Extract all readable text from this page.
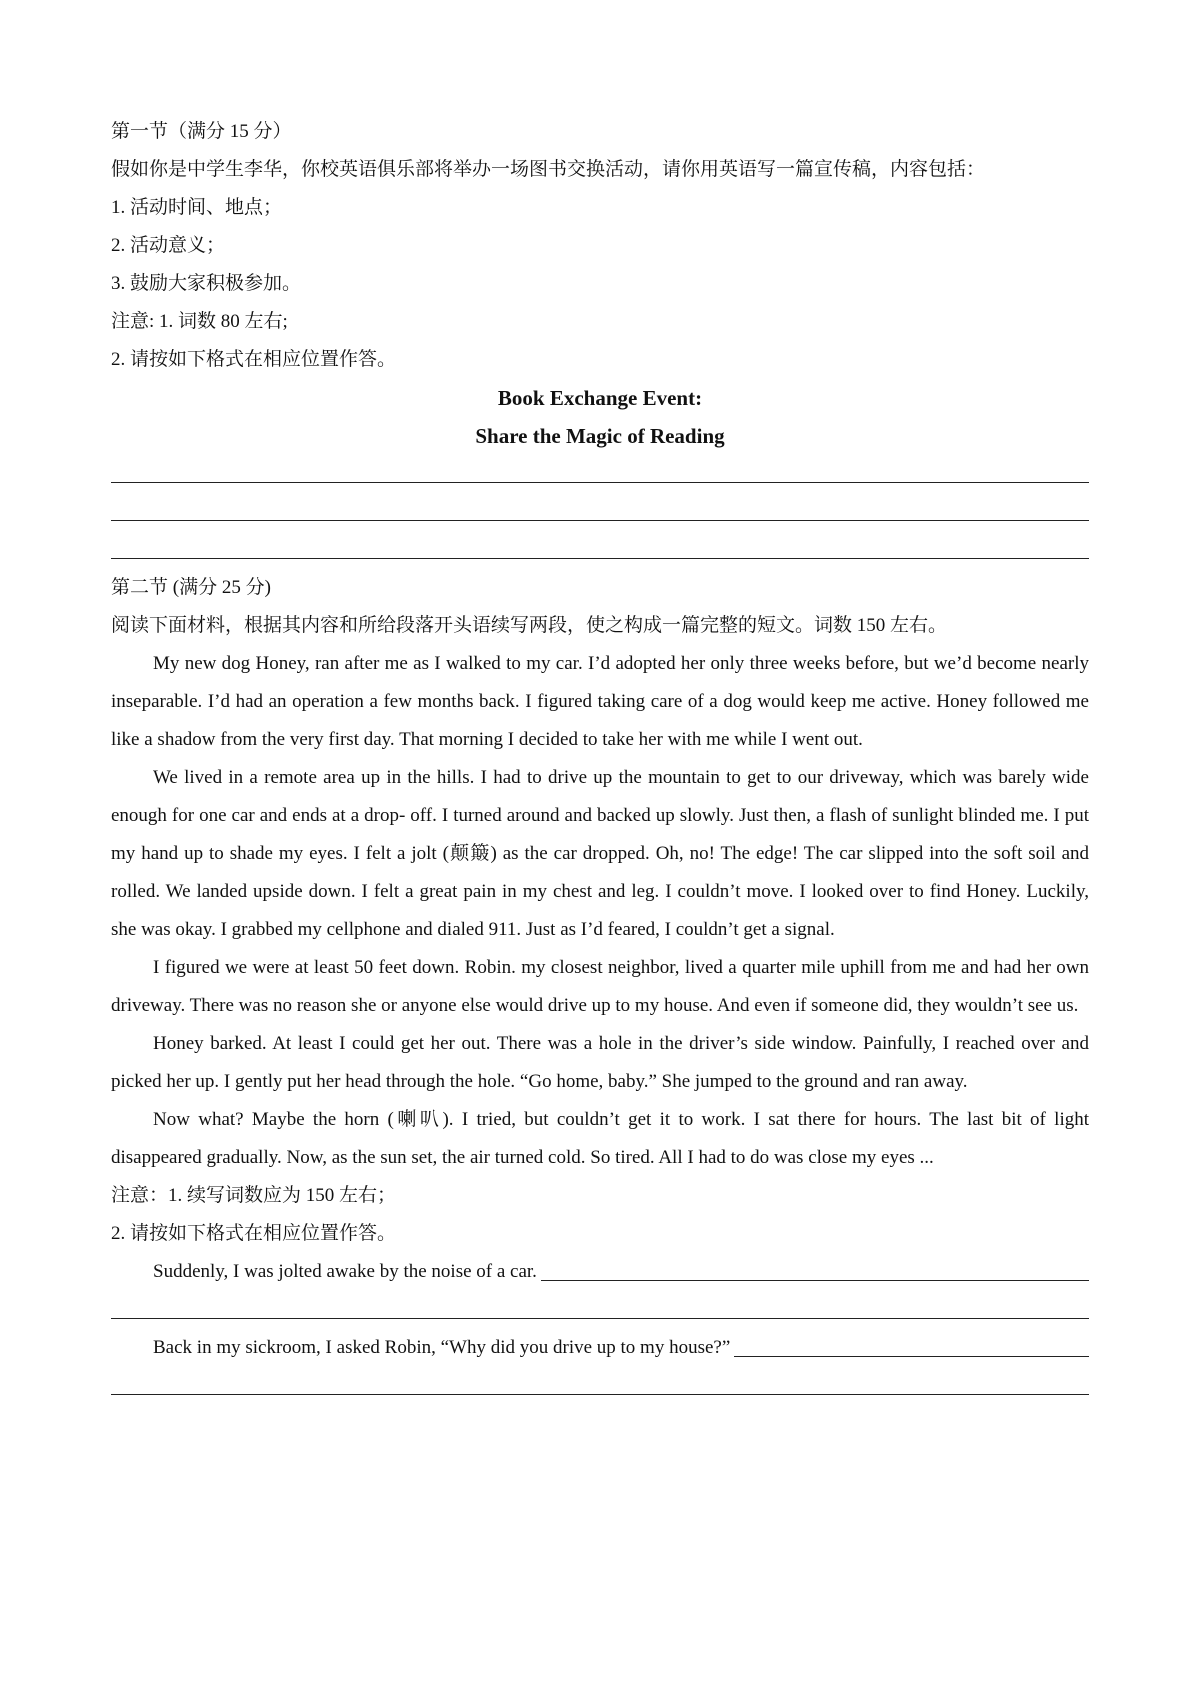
第一节（满分 15 分）

假如你是中学生李华，你校英语俱乐部将举办一场图书交换活动，请你用英语写一篇宣传稿，内容包括：

1. 活动时间、地点；

2. 活动意义；

3. 鼓励大家积极参加。

注意: 1. 词数 80 左右;

2. 请按如下格式在相应位置作答。

Book Exchange Event:

Share the Magic of Reading

第二节 (满分 25 分)

阅读下面材料，根据其内容和所给段落开头语续写两段，使之构成一篇完整的短文。词数 150 左右。

My new dog Honey, ran after me as I walked to my car. I’d adopted her only three weeks before, but we’d become nearly inseparable. I’d had an operation a few months back. I figured taking care of a dog would keep me active. Honey followed me like a shadow from the very first day. That morning I decided to take her with me while I went out.

We lived in a remote area up in the hills. I had to drive up the mountain to get to our driveway, which was barely wide enough for one car and ends at a drop- off. I turned around and backed up slowly. Just then, a flash of sunlight blinded me. I put my hand up to shade my eyes. I felt a jolt (颠簸) as the car dropped. Oh, no! The edge! The car slipped into the soft soil and rolled. We landed upside down. I felt a great pain in my chest and leg. I couldn’t move. I looked over to find Honey. Luckily, she was okay. I grabbed my cellphone and dialed 911. Just as I’d feared, I couldn’t get a signal.

I figured we were at least 50 feet down. Robin. my closest neighbor, lived a quarter mile uphill from me and had her own driveway. There was no reason she or anyone else would drive up to my house. And even if someone did, they wouldn’t see us.

Honey barked. At least I could get her out. There was a hole in the driver’s side window. Painfully, I reached over and picked her up. I gently put her head through the hole. “Go home, baby.” She jumped to the ground and ran away.

Now what? Maybe the horn (喇叭). I tried, but couldn’t get it to work. I sat there for hours. The last bit of light disappeared gradually. Now, as the sun set, the air turned cold. So tired. All I had to do was close my eyes ...

注意：1. 续写词数应为 150 左右；

2. 请按如下格式在相应位置作答。

Suddenly, I was jolted awake by the noise of a car.
Back in my sickroom, I asked Robin, “Why did you drive up to my house?”
